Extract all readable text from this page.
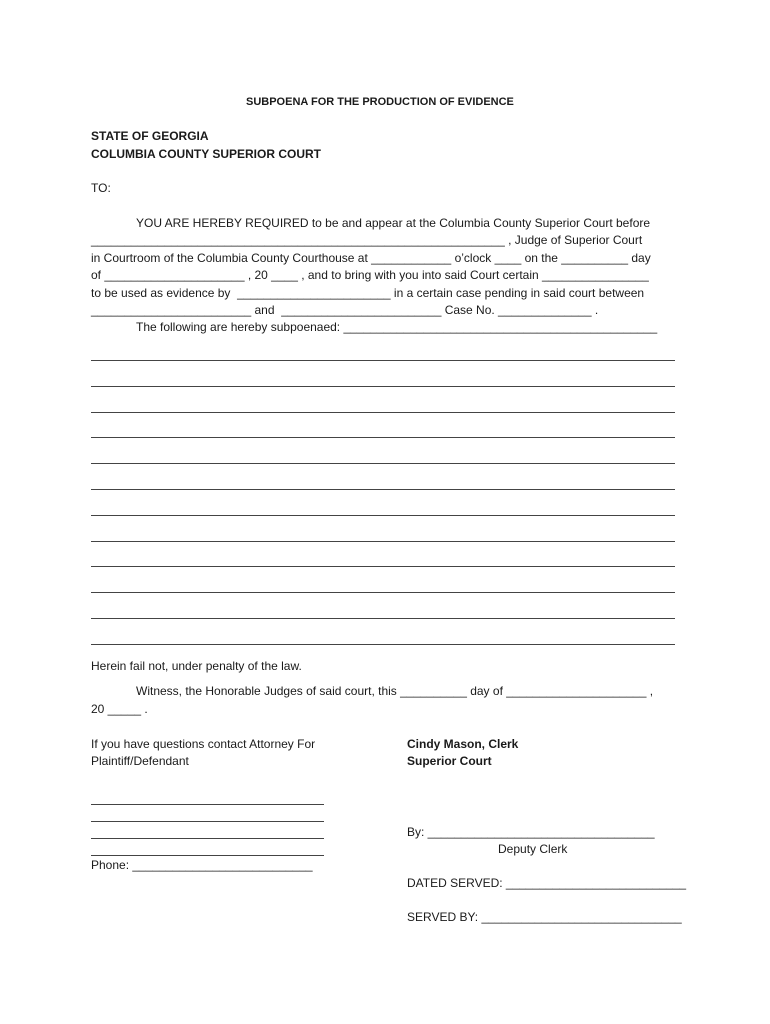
SUBPOENA FOR THE PRODUCTION OF EVIDENCE
STATE OF GEORGIA
COLUMBIA COUNTY SUPERIOR COURT
TO:
YOU ARE HEREBY REQUIRED to be and appear at the Columbia County Superior Court before
______________________________________________________________ , Judge of Superior Court
in Courtroom of the Columbia County Courthouse at ____________ o’clock ____ on the __________ day
of _____________________ , 20 ____ , and to bring with you into said Court certain ________________
to be used as evidence by  _______________________ in a certain case pending in said court between
________________________ and  ________________________ Case No. ______________ .
The following are hereby subpoenaed: _______________________________________________
Herein fail not, under penalty of the law.
Witness, the Honorable Judges of said court, this __________ day of _____________________ ,
20 _____ .
If you have questions contact Attorney For
Plaintiff/Defendant
Cindy Mason, Clerk
Superior Court
Phone: ___________________________
By: __________________________________
Deputy Clerk
DATED SERVED: ___________________________
SERVED BY: ______________________________
